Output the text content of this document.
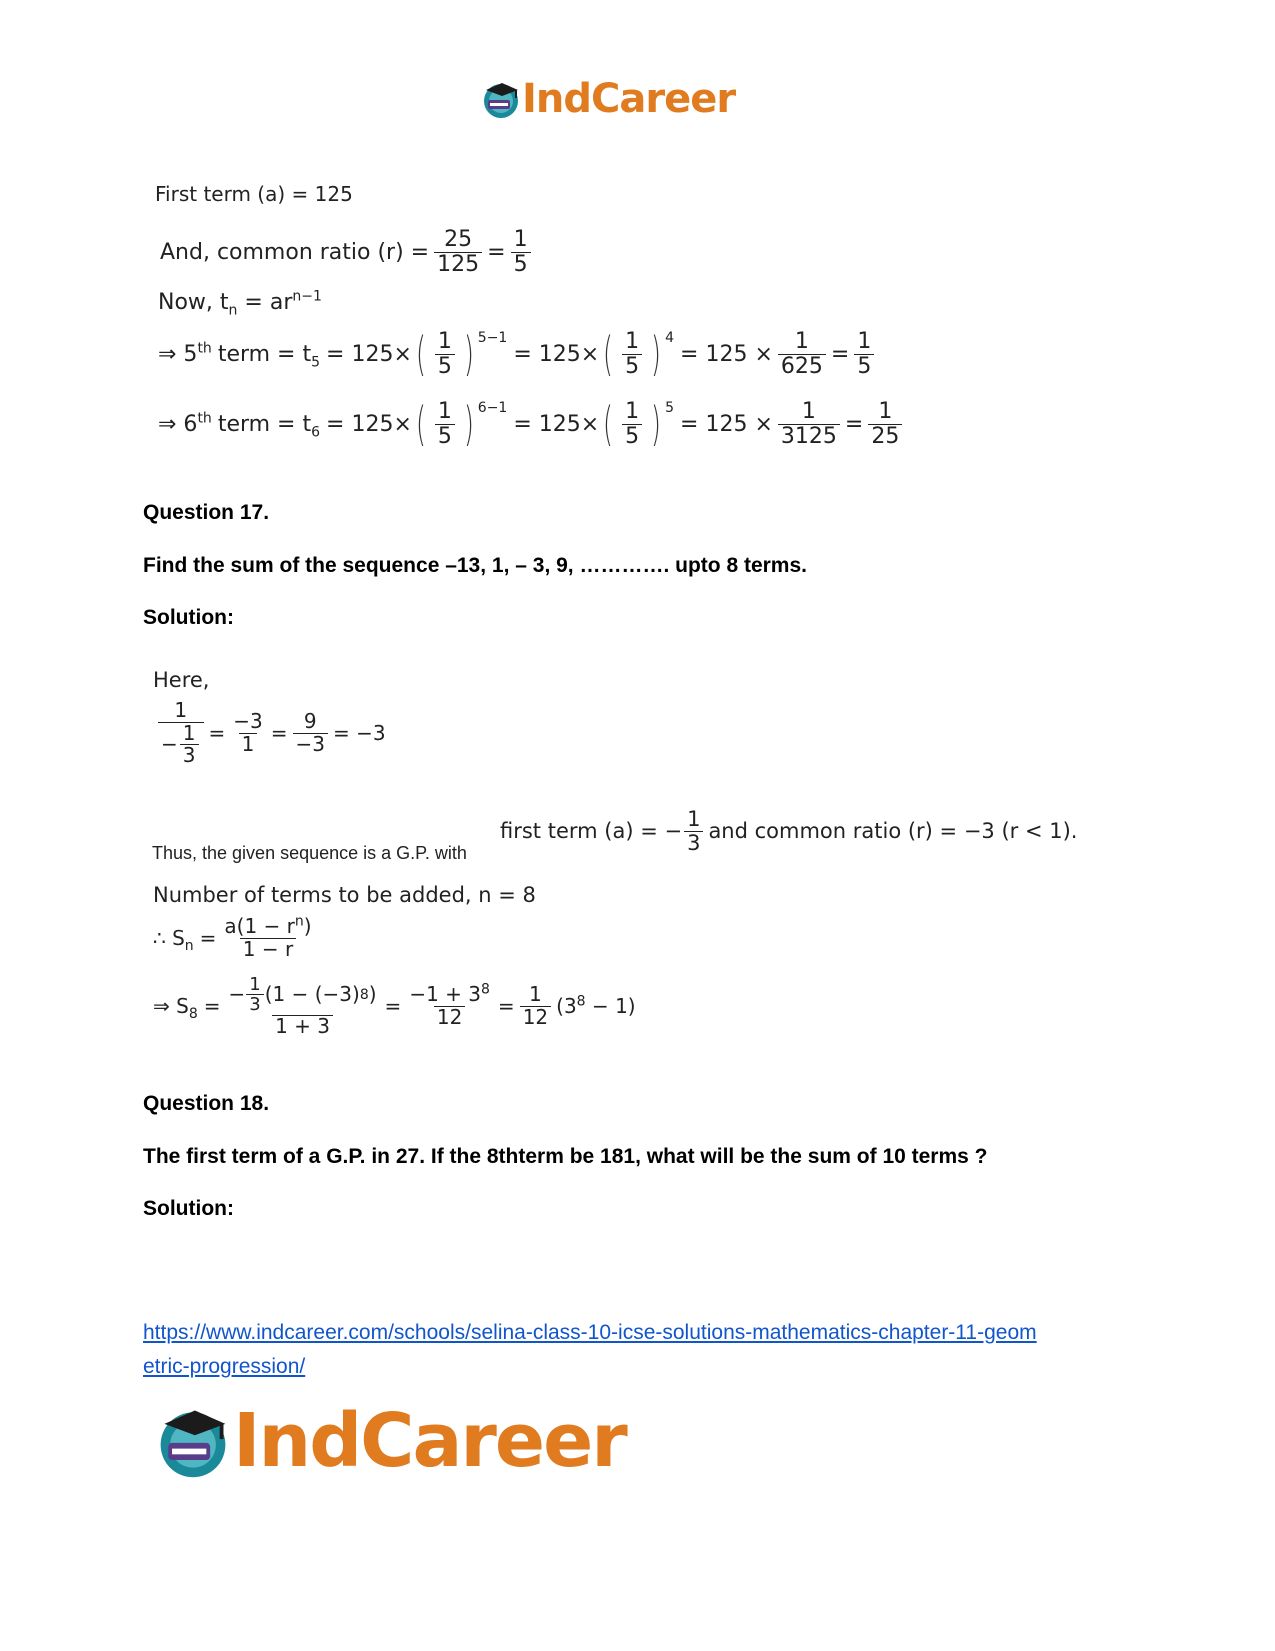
IndCareer
First term (a) = 125
And, common ratio $(r) = \frac{25}{125} = \frac{1}{5}$
Now, $t_n = ar^{n-1}$
⇒ 5th term = $t_5 = 125\times$ ( $\frac{1}{5}$ ) 5−1
= 125× ( $\frac{1}{5}$ ) 4
= $125 \times \frac{1}{625} = \frac{1}{5}$
⇒ 6th term = $t_6 = 125\times$ ( $\frac{1}{5}$ ) 6−1
= 125× ( $\frac{1}{5}$ ) 5
= $125 \times \frac{1}{3125} = \frac{1}{25}$
Question 17.
Find the sum of the sequence –13, 1, – 3, 9, …………. upto 8 terms.
Solution:
Here,
$\frac{1}{- \frac{1}{3}} = \frac{-3}{1} = \frac{9}{-3} = -3$
Thus, the given sequence is a G.P. with
first term (a) = − $\frac{1}{3}$ and common ratio (r) = −3 (r < 1).
Number of terms to be added, n = 8
∴ $S_n = \frac{a(1 - r^n)}{1 - r}$
⇒ $S_8 = \frac{- \frac{1}{3} (1 - (-3) 8 )}{1 + 3} = \frac{-1 + 3^8}{12} = \frac{1}{12} (3^8 - 1)$
Question 18.
The first term of a G.P. in 27. If the 8thterm be 181, what will be the sum of 10 terms ?
Solution:
https://www.indcareer.com/schools/selina-class-10-icse-solutions-mathematics-chapter-11-geom
etric-progression/
IndCareer
